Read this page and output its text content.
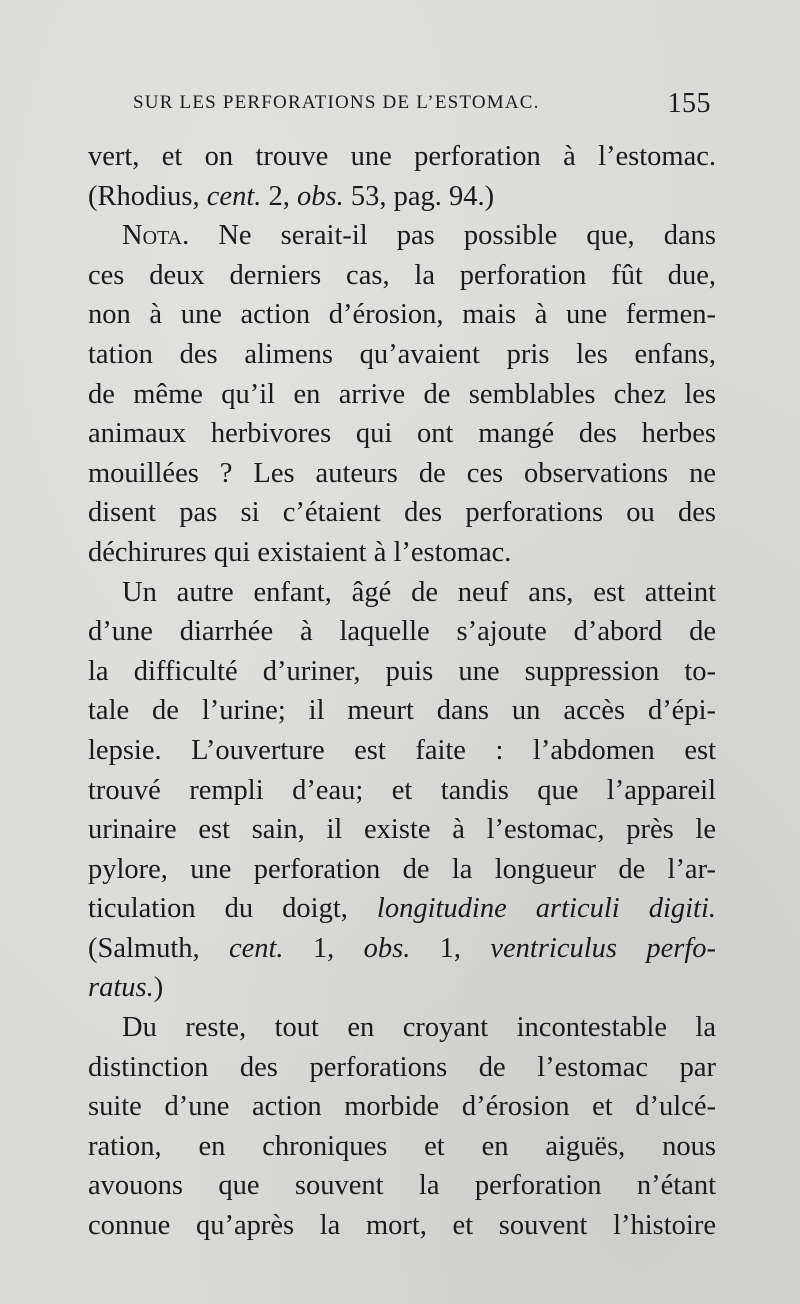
SUR LES PERFORATIONS DE L’ESTOMAC.	155
vert, et on trouve une perforation à l’estomac.
(Rhodius, cent. 2, obs. 53, pag. 94.)
Nota. Ne serait-il pas possible que, dans
ces deux derniers cas, la perforation fût due,
non à une action d’érosion, mais à une fermen-
tation des alimens qu’avaient pris les enfans,
de même qu’il en arrive de semblables chez les
animaux herbivores qui ont mangé des herbes
mouillées ? Les auteurs de ces observations ne
disent pas si c’étaient des perforations ou des
déchirures qui existaient à l’estomac.
Un autre enfant, âgé de neuf ans, est atteint
d’une diarrhée à laquelle s’ajoute d’abord de
la difficulté d’uriner, puis une suppression to-
tale de l’urine; il meurt dans un accès d’épi-
lepsie. L’ouverture est faite : l’abdomen est
trouvé rempli d’eau; et tandis que l’appareil
urinaire est sain, il existe à l’estomac, près le
pylore, une perforation de la longueur de l’ar-
ticulation du doigt, longitudine articuli digiti.
(Salmuth, cent. 1, obs. 1, ventriculus perfo-
ratus.)
Du reste, tout en croyant incontestable la
distinction des perforations de l’estomac par
suite d’une action morbide d’érosion et d’ulcé-
ration, en chroniques et en aiguës, nous
avouons que souvent la perforation n’étant
connue qu’après la mort, et souvent l’histoire
